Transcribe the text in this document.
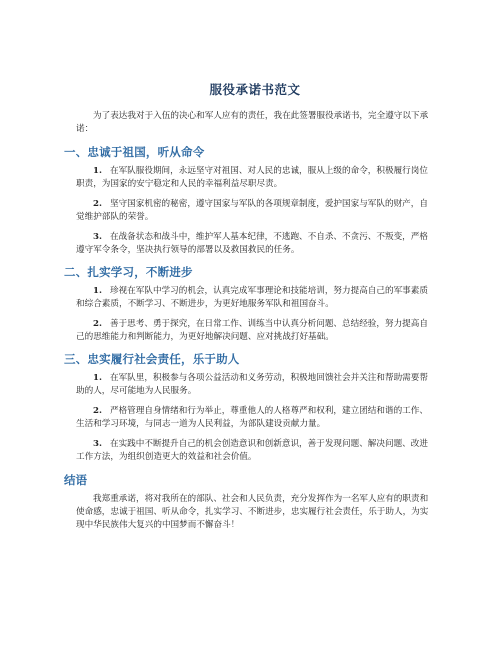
服役承诺书范文

为了表达我对于入伍的决心和军人应有的责任，我在此签署服役承诺书，完全遵守以下承诺：

一、忠诚于祖国，听从命令

1. 在军队服役期间，永远坚守对祖国、对人民的忠诚，服从上级的命令，积极履行岗位职责，为国家的安宁稳定和人民的幸福利益尽职尽责。

2. 坚守国家机密的秘密，遵守国家与军队的各项规章制度，爱护国家与军队的财产，自觉维护部队的荣誉。

3. 在战备状态和战斗中，维护军人基本纪律，不逃跑、不自杀、不贪污、不叛变，严格遵守军令条令，坚决执行领导的部署以及救国救民的任务。

二、扎实学习，不断进步

1. 珍视在军队中学习的机会，认真完成军事理论和技能培训，努力提高自己的军事素质和综合素质，不断学习、不断进步，为更好地服务军队和祖国奋斗。

2. 善于思考、勇于探究，在日常工作、训练当中认真分析问题、总结经验，努力提高自己的思维能力和判断能力，为更好地解决问题、应对挑战打好基础。

三、忠实履行社会责任，乐于助人

1. 在军队里，积极参与各项公益活动和义务劳动，积极地回馈社会并关注和帮助需要帮助的人，尽可能地为人民服务。

2. 严格管理自身情绪和行为举止，尊重他人的人格尊严和权利，建立团结和谐的工作、生活和学习环境，与同志一道为人民利益，为部队建设贡献力量。

3. 在实践中不断提升自己的机会创造意识和创新意识，善于发现问题、解决问题、改进工作方法，为组织创造更大的效益和社会价值。

结语

我郑重承诺，将对我所在的部队、社会和人民负责，充分发挥作为一名军人应有的职责和使命感，忠诚于祖国、听从命令，扎实学习、不断进步，忠实履行社会责任，乐于助人，为实现中华民族伟大复兴的中国梦而不懈奋斗！
